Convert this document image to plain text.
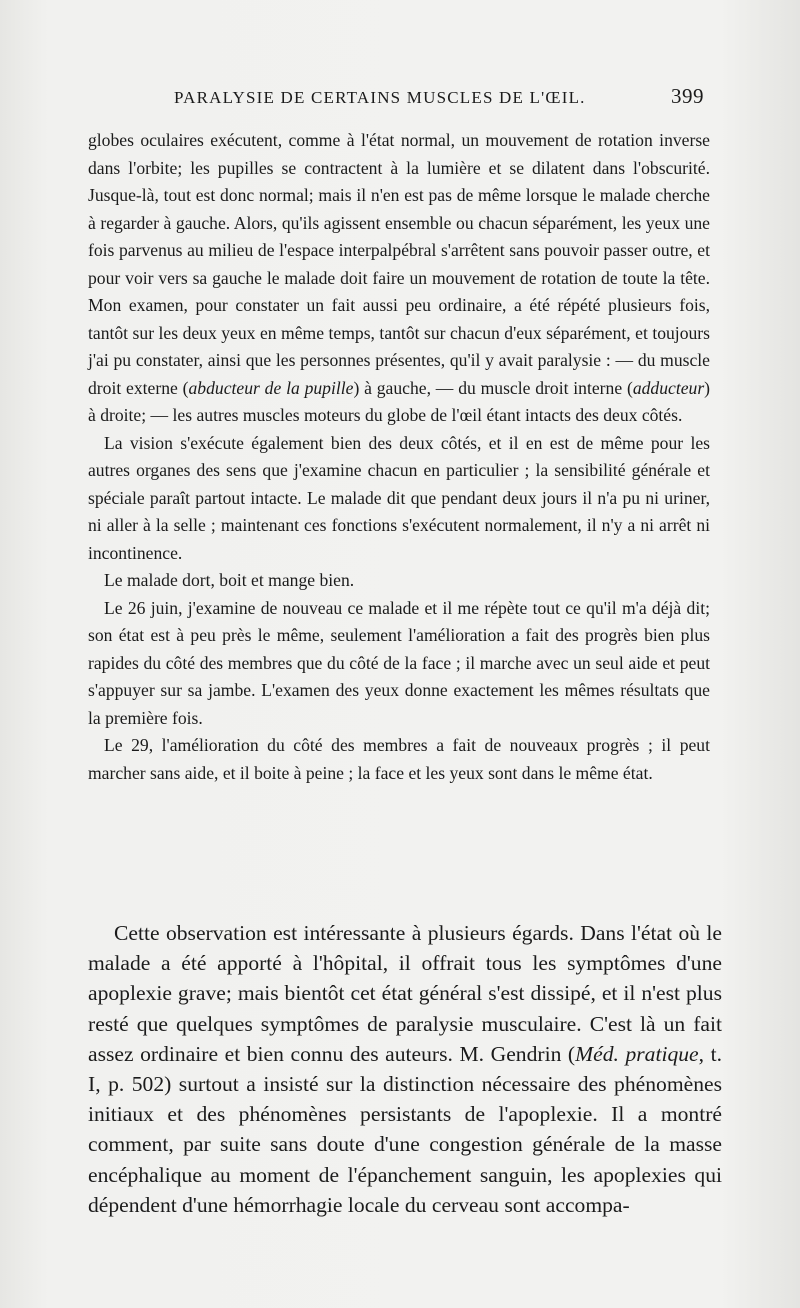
PARALYSIE DE CERTAINS MUSCLES DE L'ŒIL.	399

globes oculaires exécutent, comme à l'état normal, un mouvement de rotation inverse dans l'orbite; les pupilles se contractent à la lumière et se dilatent dans l'obscurité. Jusque-là, tout est donc normal; mais il n'en est pas de même lorsque le malade cherche à regarder à gauche. Alors, qu'ils agissent ensemble ou chacun séparément, les yeux une fois parvenus au milieu de l'espace interpalpébral s'arrêtent sans pouvoir passer outre, et pour voir vers sa gauche le malade doit faire un mouvement de rotation de toute la tête. Mon examen, pour constater un fait aussi peu ordinaire, a été répété plusieurs fois, tantôt sur les deux yeux en même temps, tantôt sur chacun d'eux séparément, et toujours j'ai pu constater, ainsi que les personnes présentes, qu'il y avait paralysie : — du muscle droit externe (abducteur de la pupille) à gauche, — du muscle droit interne (adducteur) à droite; — les autres muscles moteurs du globe de l'œil étant intacts des deux côtés.

La vision s'exécute également bien des deux côtés, et il en est de même pour les autres organes des sens que j'examine chacun en particulier ; la sensibilité générale et spéciale paraît partout intacte. Le malade dit que pendant deux jours il n'a pu ni uriner, ni aller à la selle ; maintenant ces fonctions s'exécutent normalement, il n'y a ni arrêt ni incontinence.

Le malade dort, boit et mange bien.

Le 26 juin, j'examine de nouveau ce malade et il me répète tout ce qu'il m'a déjà dit; son état est à peu près le même, seulement l'amélioration a fait des progrès bien plus rapides du côté des membres que du côté de la face ; il marche avec un seul aide et peut s'appuyer sur sa jambe. L'examen des yeux donne exactement les mêmes résultats que la première fois.

Le 29, l'amélioration du côté des membres a fait de nouveaux progrès ; il peut marcher sans aide, et il boite à peine ; la face et les yeux sont dans le même état.

Cette observation est intéressante à plusieurs égards. Dans l'état où le malade a été apporté à l'hôpital, il offrait tous les symptômes d'une apoplexie grave; mais bientôt cet état général s'est dissipé, et il n'est plus resté que quelques symptômes de paralysie musculaire. C'est là un fait assez ordinaire et bien connu des auteurs. M. Gendrin (Méd. pratique, t. I, p. 502) surtout a insisté sur la distinction nécessaire des phénomènes initiaux et des phénomènes persistants de l'apoplexie. Il a montré comment, par suite sans doute d'une congestion générale de la masse encéphalique au moment de l'épanchement sanguin, les apoplexies qui dépendent d'une hémorrhagie locale du cerveau sont accompa-
